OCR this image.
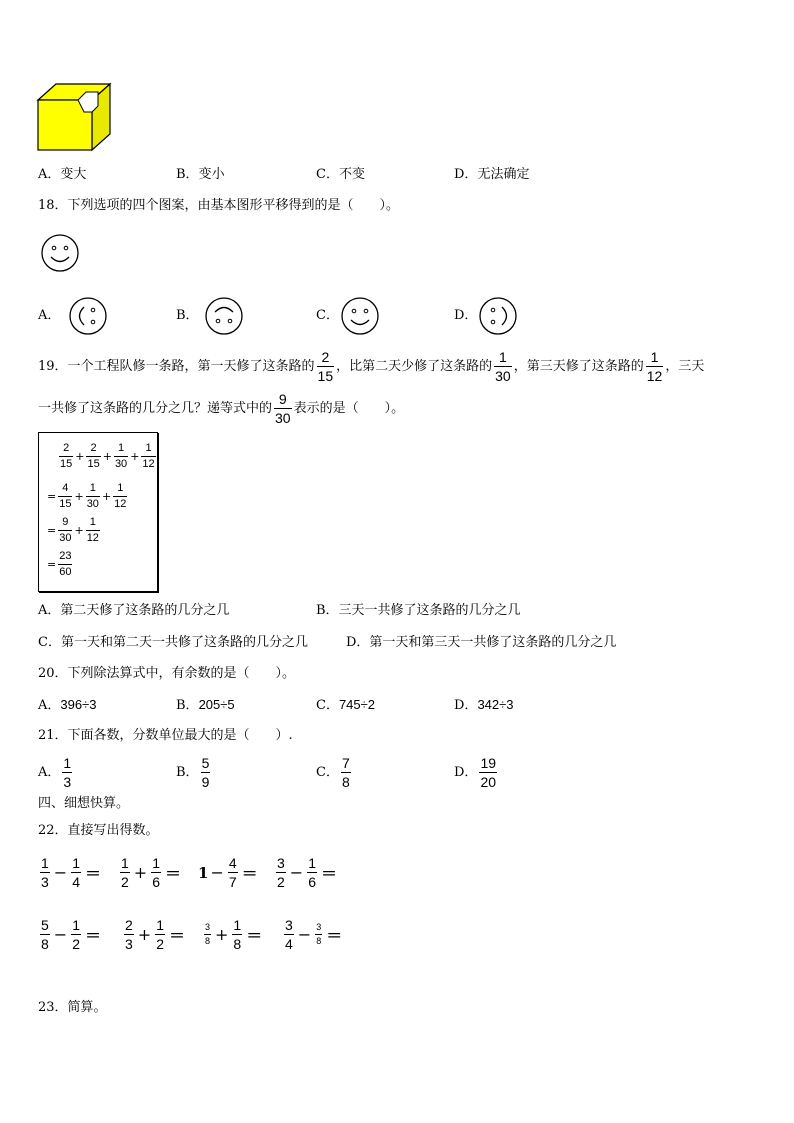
A．变大	B．变小	C．不变	D．无法确定
18．下列选项的四个图案，由基本图形平移得到的是（　　）。
A．	B．	C．	D．
19．一个工程队修一条路，第一天修了这条路的 $\frac{2}{15}$ ，比第二天少修了这条路的 $\frac{1}{30}$ ，第三天修了这条路的 $\frac{1}{12}$ ，三天
一共修了这条路的几分之几？递等式中的 $\frac{9}{30}$ 表示的是（　　）。
$\frac{2}{15} + \frac{2}{15} + \frac{1}{30} + \frac{1}{12}$
= $\frac{4}{15} + \frac{1}{30} + \frac{1}{12}$
= $\frac{9}{30} + \frac{1}{12}$
= $\frac{23}{60}$
A．第二天修了这条路的几分之几	B．三天一共修了这条路的几分之几
C．第一天和第二天一共修了这条路的几分之几	D．第一天和第三天一共修了这条路的几分之几
20．下列除法算式中，有余数的是（　　）。
A．396÷3	B．205÷5	C．745÷2	D．342÷3
21．下面各数，分数单位最大的是（　　）.
A． $\frac{1}{3}$	B． $\frac{5}{9}$	C． $\frac{7}{8}$	D． $\frac{19}{20}$
四、细想快算。
22．直接写出得数。
$\frac{1}{3} - \frac{1}{4} = \frac{1}{2} + \frac{1}{6} = 1 - \frac{4}{7} = \frac{3}{2} - \frac{1}{6}$ ＝
$\frac{5}{8} - \frac{1}{2} = \frac{2}{3} + \frac{1}{2} = \frac{3}{8} + \frac{1}{8} = \frac{3}{4} - \frac{3}{8}$ ＝
23．简算。
